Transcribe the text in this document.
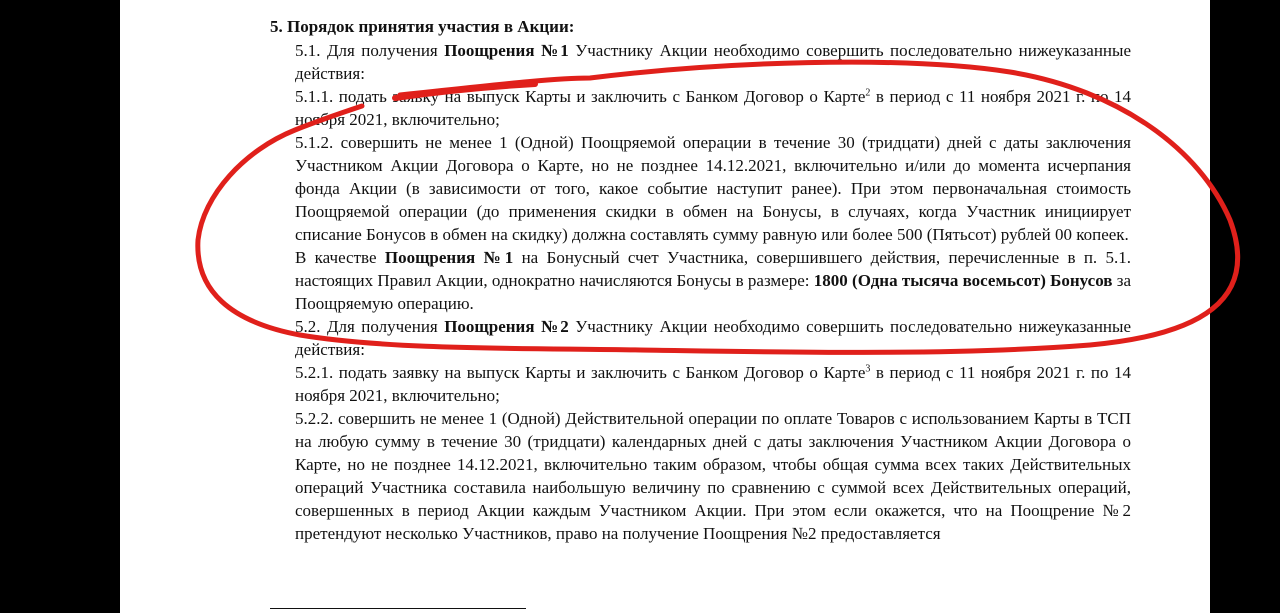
5. Порядок принятия участия в Акции:

5.1. Для получения Поощрения №1 Участнику Акции необходимо совершить последовательно нижеуказанные действия:

5.1.1. подать заявку на выпуск Карты и заключить с Банком Договор о Карте$^2$ в период с 11 ноября 2021 г. по 14 ноября 2021, включительно;

5.1.2. совершить не менее 1 (Одной) Поощряемой операции в течение 30 (тридцати) дней с даты заключения Участником Акции Договора о Карте, но не позднее 14.12.2021, включительно и/или до момента исчерпания фонда Акции (в зависимости от того, какое событие наступит ранее). При этом первоначальная стоимость Поощряемой операции (до применения скидки в обмен на Бонусы, в случаях, когда Участник инициирует списание Бонусов в обмен на скидку) должна составлять сумму равную или более 500 (Пятьсот) рублей 00 копеек.

В качестве Поощрения №1 на Бонусный счет Участника, совершившего действия, перечисленные в п. 5.1. настоящих Правил Акции, однократно начисляются Бонусы в размере: 1800 (Одна тысяча восемьсот) Бонусов за Поощряемую операцию.

5.2. Для получения Поощрения №2 Участнику Акции необходимо совершить последовательно нижеуказанные действия:

5.2.1. подать заявку на выпуск Карты и заключить с Банком Договор о Карте$^3$ в период с 11 ноября 2021 г. по 14 ноября 2021, включительно;

5.2.2. совершить не менее 1 (Одной) Действительной операции по оплате Товаров с использованием Карты в ТСП на любую сумму в течение 30 (тридцати) календарных дней с даты заключения Участником Акции Договора о Карте, но не позднее 14.12.2021, включительно таким образом, чтобы общая сумма всех таких Действительных операций Участника составила наибольшую величину по сравнению с суммой всех Действительных операций, совершенных в период Акции каждым Участником Акции. При этом если окажется, что на Поощрение №2 претендуют несколько Участников, право на получение Поощрения №2 предоставляется
